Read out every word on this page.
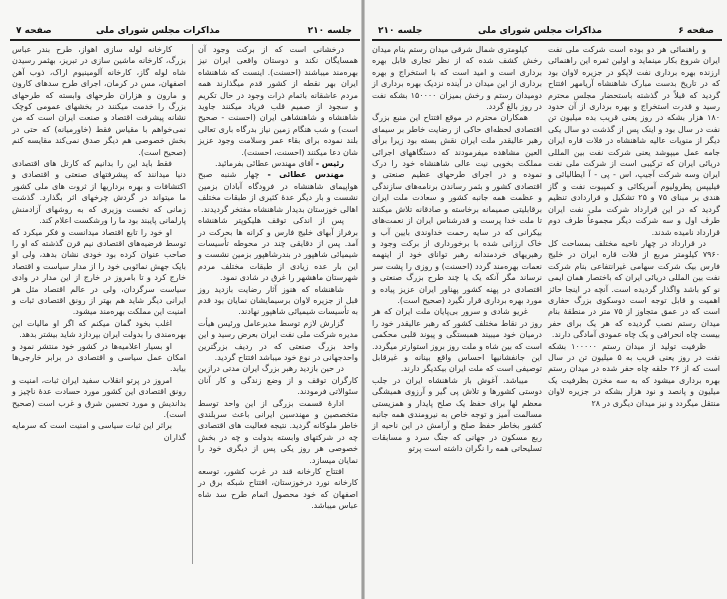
جلسه ۲۱۰
مذاکرات مجلس شورای ملی
صفحه ۷

درخشانی است که از برکت وجود آن همسایگان نکند و دوستان واقعی ایران نیز بهره‌مند میباشند (احسنت). اینست که شاهنشاه ایران بهر نقطه از کشور قدم میگذارند همه مردم عاشقانه باتمام ذرات وجود در حال تکریم و سجود از صمیم قلب فریاد میکنند جاوید شاهنشاه و شاهنشاهی ایران (احسنت - صحیح است) و شب هنگام زمین نیاز بدرگاه باری تعالی بلند نموده برای بقاء عمر وسلامت وجود عزیز شان دعا میکنند (احسنت، احسنت).

رئیس - آقای مهندس عطائی بفرمائید.

مهندس عطائی - چهار شنبه صبح هواپیمای شاهنشاه در فرودگاه آبادان بزمین نشست و بار دیگر عدهٔ کثیری از طبقات مختلف اهالی خوزستان بدیدار شاهنشاه مفتخر گردیدند.

پس از اندکی توقف هلیکوپتر شاهنشاه برفراز آبهای خلیج فارس و کرانه ها بحرکت در آمد. پس از دقایقی چند در محوطه تأسیسات شیمیائی شاهپور در بندرشاهپور بزمین نشست و این بار عده زیادی از طبقات مختلف مردم شهرستان ماهشهر را غرق در شادی نمود.

شاهنشاه که هنوز آثار رضایت بازدید روز قبل از جزیره لاوان برسیمایشان نمایان بود قدم به تأسیسات شیمیائی شاهپور نهادند.

گزارش لازم توسط مدیرعامل ورئیس هیأت مدیره شرکت ملی نفت ایران بعرض رسید و این واحد بزرگ صنعتی که در ردیف بزرگترین واحدجهانی در نوع خود میباشد افتتاح گردید.

در حین بازدید رهبر بزرگ ایران مدتی درازین کارگران توقف و از وضع زندگی و کار آنان سئوالاتی فرمودند.

ادارهٔ قسمت بزرگی از این واحد توسط متخصصین و مهندسین ایرانی باعث سربلندی خاطر ملوکانه گردید. نتیجه فعالیت های اقتصادی چه در شرکتهای وابسته بدولت و چه در بخش خصوصی هر روز یکی پس از دیگری خود را نمایان میسازد.

افتتاح کارخانه قند در غرب کشور، توسعه کارخانه نورد درخوزستان، افتتاح شبکه برق در اصفهان که خود محصول اتمام طرح سد شاه عباس میباشد.

کارخانه لوله سازی اهواز، طرح بندر عباس بزرگ، کارخانه ماشین سازی در تبریز، بهثمر رسیدن شاه لوله گاز، کارخانه آلومینیوم اراک، ذوب آهن اصفهان، مس در کرمان، اجرای طرح سدهای کارون و مارون و هزاران طرحهای وابسته که طرحهای بزرگ را خدمت میکنند در بخشهای عمومی کوچک نشانه پیشرفت اقتصاد و صنعت ایران است که من نمی‌خواهم با مقیاس فقط (خاورمیانه) که حتی در بخش خصوصی هم دیگر صدق نمی‌کند مقایسه کنم (صحیح است).

فقط باید این را بدانیم که کارتل های اقتصادی دنیا میدانند که پیشرفتهای صنعتی و اقتصادی و اکتشافات و بهره برداریها از ثروت های ملی کشور ما میتواند در گردش چرخهای اثر بگذارد. گذشت زمانی که نخست وزیری که به روشهای آزادمنش پارلمانی پایبند بود ما را ورشکست اعلام کند.

او خود را تابع اقتصاد میدانست و فکر میکرد که توسط فرضیه‌های اقتصادی نیم قرن گذشته که او را صاحب عنوان کرده بود خودی نشان بدهد، ولی او بایک جهش نمائوبی خود را از مدار سیاست و اقتصاد خارج کرد و تا بامروز در خارج از این مدار در وادی سیاست سرگردان، ولی در عالم اقتصاد مثل هر ایرانی دیگر شاید هم بهتر از رونق اقتصادی ثبات و امنیت این مملکت بهره‌مند میشود.

اغلب بخود گمان میکنم که اگر او مالیات این بهره‌مندی را بدولت ایران بپردازد شاید بیشتر بدهد.

او بسیار اعلامیه‌ها در کشور خود منتشر نمود و امکان عمل سیاسی و اقتصادی در برابر خارجی‌ها بیابد.

امروز در پرتو انقلاب سفید ایران ثبات، امنیت و رونق اقتصادی این کشور مورد حسادت عدهٔ ناچیز و بداندیش و مورد تحسین شرق و غرب است (صحیح است).

براثر این ثبات سیاسی و امنیت است که سرمایه گذاران

جلسه ۲۱۰	مذاکرات مجلس شورای ملی	صفحه ۶

و راهنمائی هر دو بوده است شرکت ملی نفت ایران شروع بکار مینماید و اولین ثمره این راهنمائی ارزنده بهره برداری نفت لاپکو در جزیره لاوان بود که در تاریخ بدست مبارک شاهنشاه آریامهر افتتاح گردید که قبلاً در گذشته باستحضار مجلس محترم رسید و قدرت استخراج و بهره برداری از آن حدود ۱۸۰ هزار بشکه در روز یعنی قریب بده میلیون تن نفت در سال بود و اینک پس از گذشت دو سال یکی دیگر از منویات عالیه شاهنشاه در فلات قاره ایران جامه عمل میپوشد یعنی شرکت نفت بین المللی دریائی ایران که ترکیبی است از شرکت ملی نفت ایران وسه شرکت آجیپ، اس - پی - آ ایطالیائی و فیلیپس پطرولیوم آمریکائی و کمپیوت نفت و گاز هندی بر مبنای ۷۵ و ۲۵ تشکیل و قراردادی تنظیم گردید که در این قرارداد شرکت ملی نفت ایران طرف اول و سه شرکت دیگر مجموعاً طرف دوم قرارداد نامیده شدند.

در قرارداد در چهار ناحیه مختلف بمساحت کل ۷۹۶۰ کیلومتر مربع از فلات قاره ایران در خلیج فارس بیک شرکت سهامی غیرانتفاعی بنام شرکت نفت بین المللی دریائی ایران که باختصار همان ایمی نو کو باشد واگذار گردیده است. آنچه در اینجا حائز اهمیت و قابل توجه است دوسکوی بزرگ حفاری است که در عمق متجاوز از ۷۵ متر در منطقهٔ بنام میدان رستم نصب گردیده که هر یک برای حفر بیست چاه انحرافی و یک چاه عمودی آمادگی دارند.

ظرفیت تولید از میدان رستم ۱۰۰۰۰۰ بشکه نفت در روز یعنی قریب به ۵ میلیون تن در سال است که از ۲۶ حلقه چاه حفر شده در میدان رستم بهره برداری میشود که به سه مخزن بظرفیت یک میلیون و پانصد و نود هزار بشکه در جزیره لاوان منتقل میگردد و نیز میدان دیگری در ۲۸

کیلومتری شمال شرقی میدان رستم بنام میدان رخش کشف شده که از نظر تجاری قابل بهره برداری است و امید است که با استخراج و بهره برداری از این میدان در آینده نزدیک بهره برداری از دومیدان رستم و رخش بمیزان ۱۵۰۰۰۰ بشکه نفت در روز بالغ گردد.

همکاران محترم در موقع افتتاح این منبع بزرگ اقتصادی لحظه‌ای حاکی از رضایت خاطر بر سیمای رهبر عالیقدر ملت ایران نقش بسته بود زیرا برأی العین مشاهده میفرمودند که دستگاههای اجرائی مملکت بخوبی نیت عالی شاهنشاه خود را درک نموده و در اجرای طرحهای عظیم صنعتی و اقتصادی کشور و بثمر رساندن برنامه‌های سازندگی و عظمت همه جانبه کشور و سعادت ملت ایران برقابلیتی صمیمانه برخاسته و صادقانه تلاش میکنند تا ملت خدا پرست و قدرشناس ایران از نعمت‌های بیکرانی که در سایه رحمت خداوندی بایین آب و خاک ارزانی شده با برخورداری از برکت وجود و رهبریهای خردمندانه رهبر توانای خود از اینهمه نعمات بهره‌مند گردد (احسنت) و روزی را پشت سر نرساند مگر آنکه یک یا چند طرح بزرگ صنعتی و اقتصادی در پهنه کشور پهناور ایران عزیز پیاده و مورد بهره برداری قرار نگیرد (صحیح است).

غریو شادی و سرور بی‌پایان ملت ایران که هر روز در نقاط مختلف کشور که رهبر عالیقدر خود را درمیان خود میبیند همبستگی و پیوند قلبی محکمی است که بین شاه و ملت روز بروز استوارتر میگردد. این جانفشانیها احساس واقع بینانه و غیرقابل توصیفی است که ملت ایران بیکدیگر دارند.

میباشد. آغوش باز شاهنشاه ایران در جلب دوستی کشورها و تلاش پی گیر و آرزوی همیشگی معظم لها برای حفظ یک صلح پایدار و همزیستی مسالمت آمیز و توجه خاص به نیرومندی همه جانبه کشور بخاطر حفظ صلح و آرامش در این ناحیه از ربع مسکون در جهانی که جنگ سرد و مسابقات تسلیحاتی همه را نگران داشته است پرتو
